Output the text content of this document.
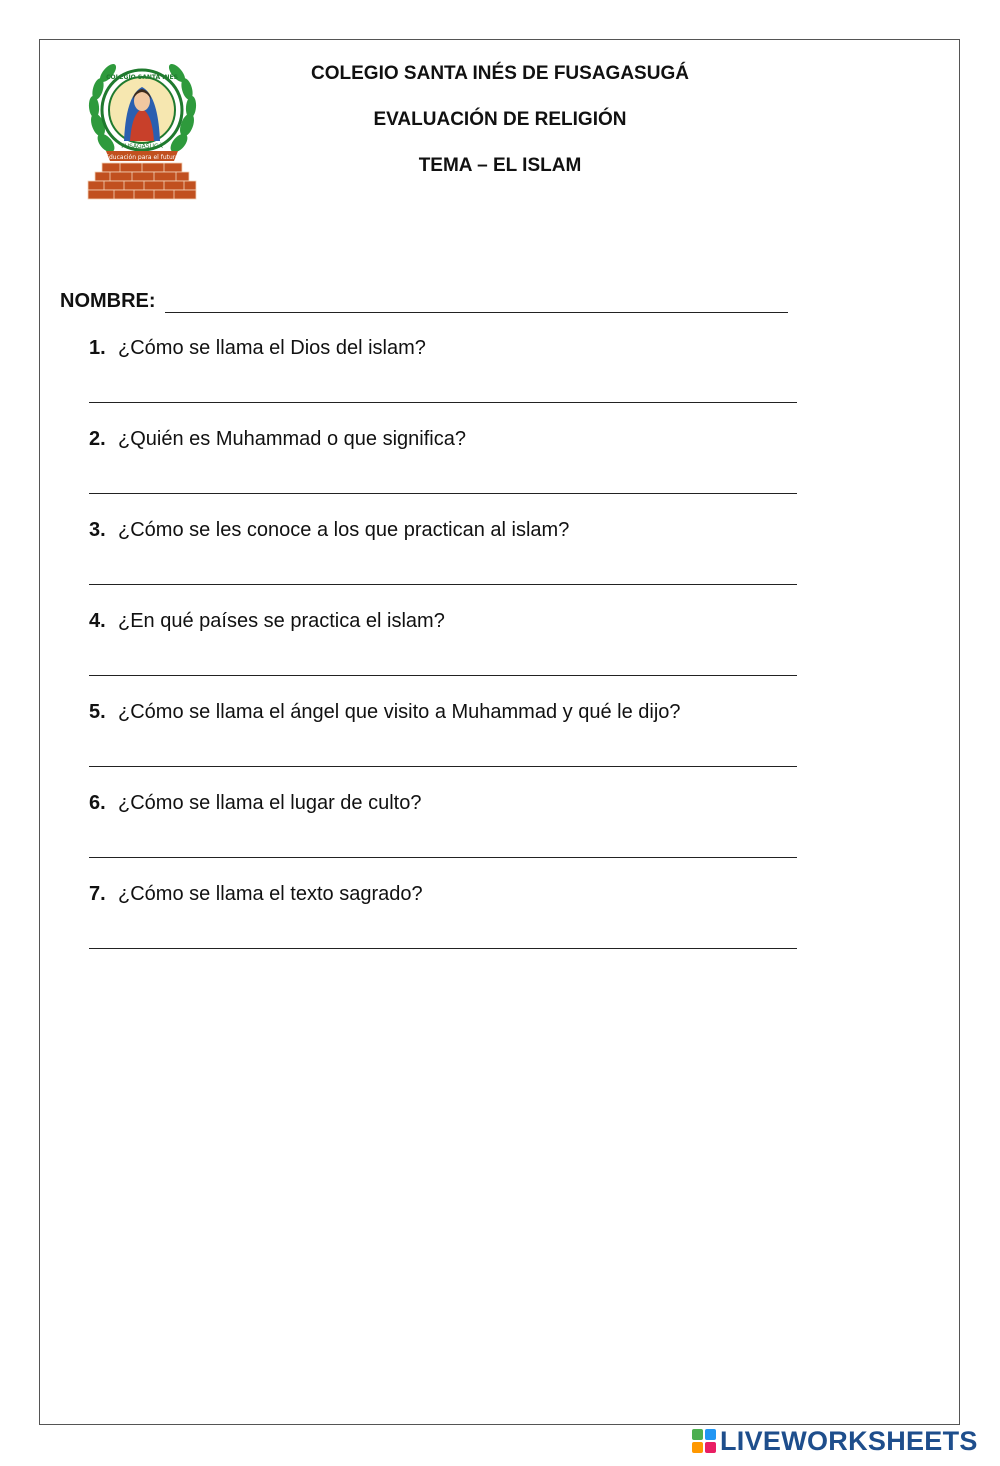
Educación para el futuro
FUSAGASUGÁ
COLEGIO SANTA INÉS	COLEGIO SANTA INÉS DE FUSAGASUGÁ
EVALUACIÓN DE RELIGIÓN
TEMA – EL ISLAM
NOMBRE:
1. ¿Cómo se llama el Dios del islam?
2. ¿Quién es Muhammad o que significa?
3. ¿Cómo se les conoce a los que practican al islam?
4. ¿En qué países se practica el islam?
5. ¿Cómo se llama el ángel que visito a Muhammad y qué le dijo?
6. ¿Cómo se llama el lugar de culto?
7. ¿Cómo se llama el texto sagrado?
LIVEWORKSHEETS
